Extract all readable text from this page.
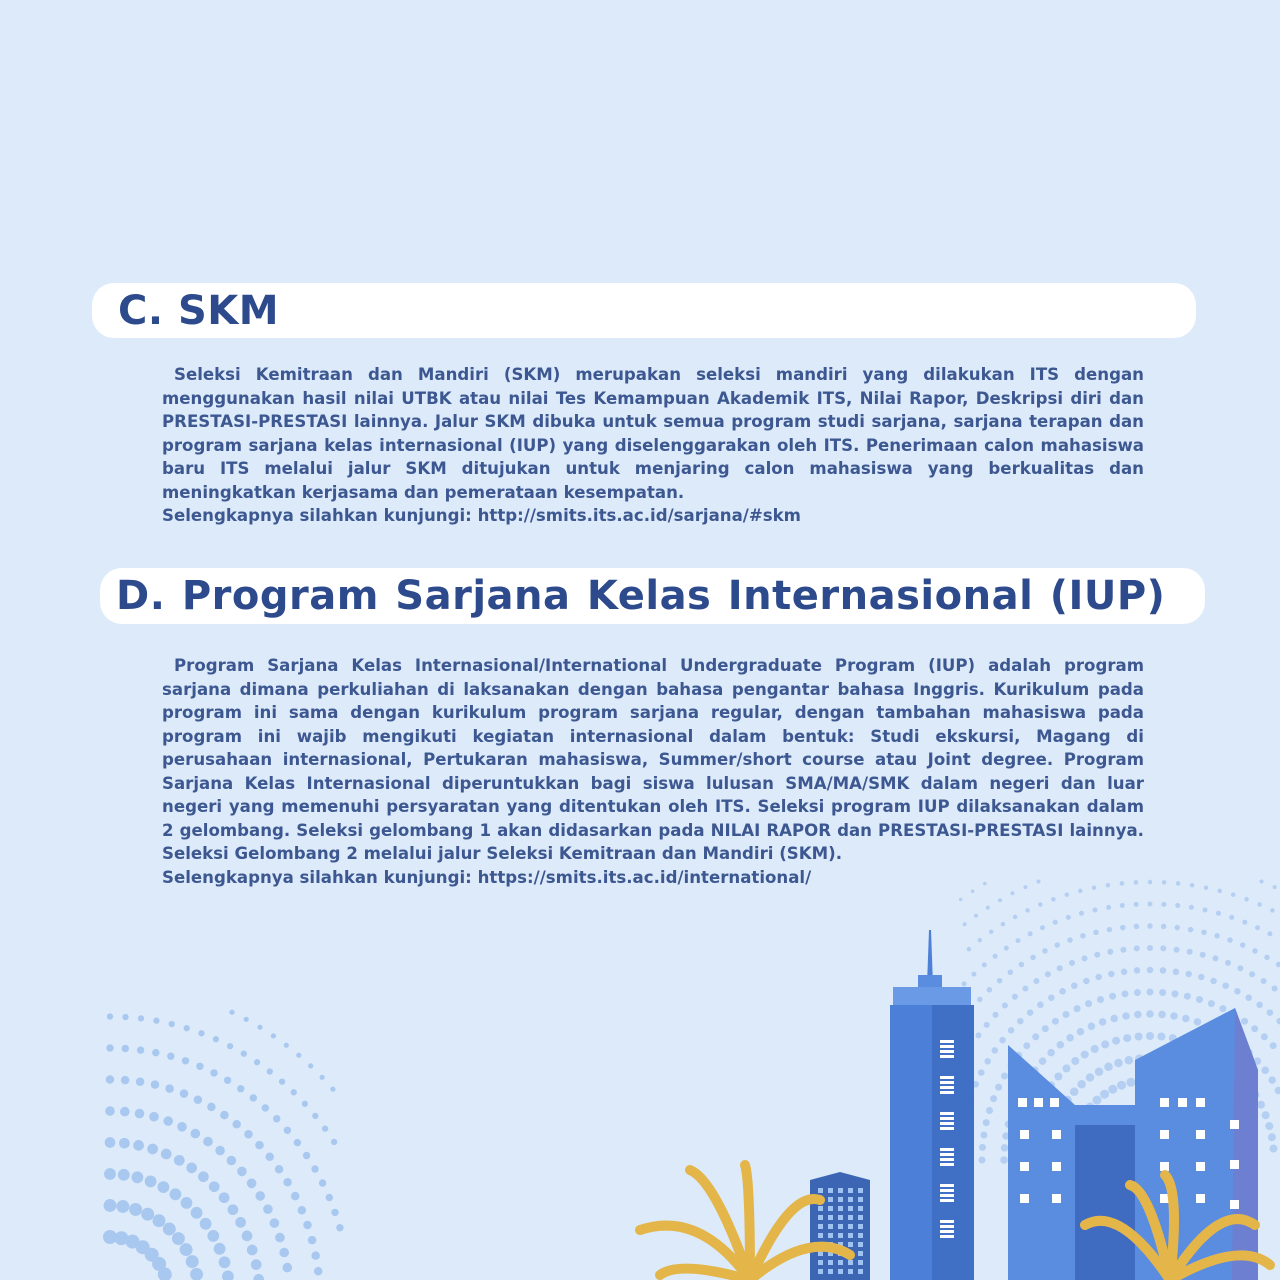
C. SKM

Seleksi Kemitraan dan Mandiri (SKM) merupakan seleksi mandiri yang dilakukan ITS dengan menggunakan hasil nilai UTBK atau nilai Tes Kemampuan Akademik ITS, Nilai Rapor, Deskripsi diri dan PRESTASI-PRESTASI lainnya. Jalur SKM dibuka untuk semua program studi sarjana, sarjana terapan dan program sarjana kelas internasional (IUP) yang diselenggarakan oleh ITS. Penerimaan calon mahasiswa baru ITS melalui jalur SKM ditujukan untuk menjaring calon mahasiswa yang berkualitas dan meningkatkan kerjasama dan pemerataan kesempatan.

Selengkapnya silahkan kunjungi: http://smits.its.ac.id/sarjana/#skm

D. Program Sarjana Kelas Internasional (IUP)

Program Sarjana Kelas Internasional/International Undergraduate Program (IUP) adalah program sarjana dimana perkuliahan di laksanakan dengan bahasa pengantar bahasa Inggris. Kurikulum pada program ini sama dengan kurikulum program sarjana regular, dengan tambahan mahasiswa pada program ini wajib mengikuti kegiatan internasional dalam bentuk: Studi ekskursi, Magang di perusahaan internasional, Pertukaran mahasiswa, Summer/short course atau Joint degree. Program Sarjana Kelas Internasional diperuntukkan bagi siswa lulusan SMA/MA/SMK dalam negeri dan luar negeri yang memenuhi persyaratan yang ditentukan oleh ITS. Seleksi program IUP dilaksanakan dalam 2 gelombang. Seleksi gelombang 1 akan didasarkan pada NILAI RAPOR dan PRESTASI-PRESTASI lainnya. Seleksi Gelombang 2 melalui jalur Seleksi Kemitraan dan Mandiri (SKM).

Selengkapnya silahkan kunjungi: https://smits.its.ac.id/international/
